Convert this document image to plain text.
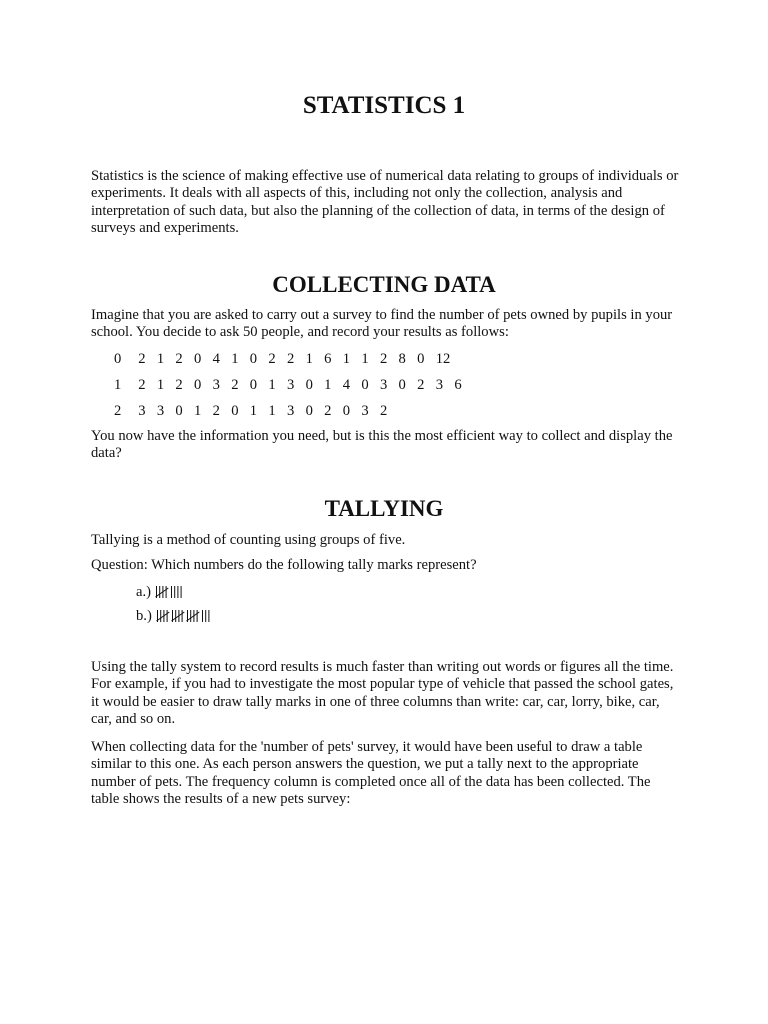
STATISTICS 1

Statistics is the science of making effective use of numerical data relating to groups of individuals or experiments. It deals with all aspects of this, including not only the collection, analysis and interpretation of such data, but also the planning of the collection of data, in terms of the design of surveys and experiments.

COLLECTING DATA

Imagine that you are asked to carry out a survey to find the number of pets owned by pupils in your school. You decide to ask 50 people, and record your results as follows:

0   2  1  2  0  4  1  0  2  2  1  6  1  1  2  8  0  12
1   2  1  2  0  3  2  0  1  3  0  1  4  0  3  0  2  3  6
2   3  3  0  1  2  0  1  1  3  0  2  0  3  2

You now have the information you need, but is this the most efficient way to collect and display the data?

TALLYING

Tallying is a method of counting using groups of five.

Question: Which numbers do the following tally marks represent?

a.)
b.)

Using the tally system to record results is much faster than writing out words or figures all the time. For example, if you had to investigate the most popular type of vehicle that passed the school gates, it would be easier to draw tally marks in one of three columns than write: car, car, lorry, bike, car, car, and so on.

When collecting data for the 'number of pets' survey, it would have been useful to draw a table similar to this one. As each person answers the question, we put a tally next to the appropriate number of pets. The frequency column is completed once all of the data has been collected. The table shows the results of a new pets survey:
